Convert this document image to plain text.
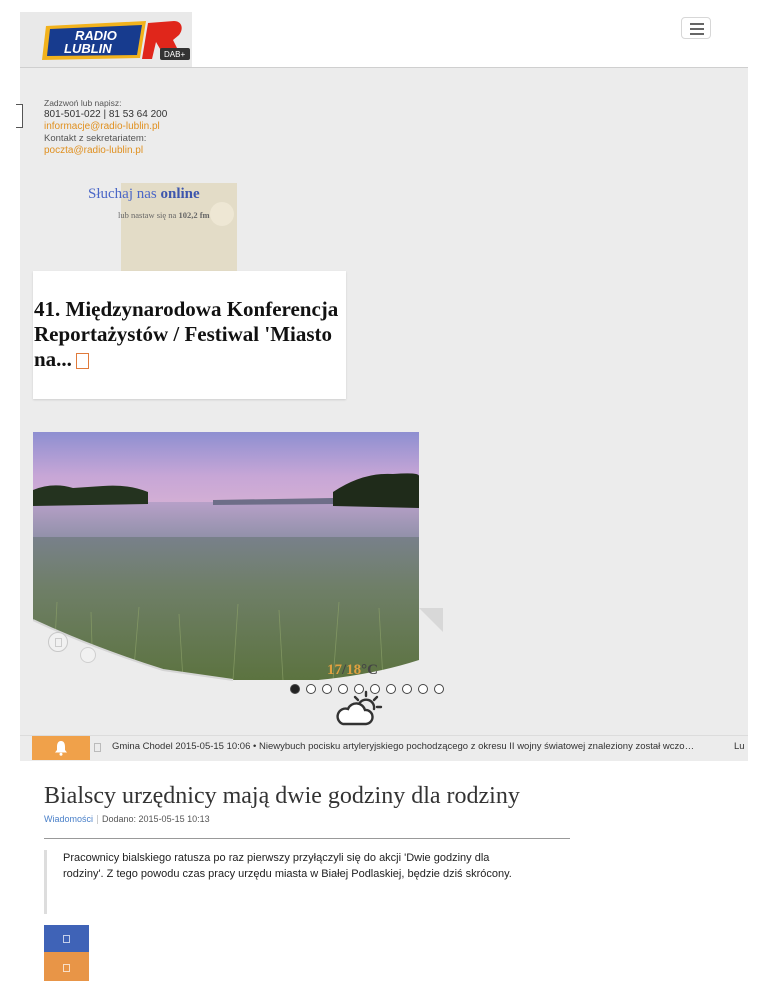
RADIO
LUBLIN	DAB+
Zadzwoń lub napisz:
801-501-022 | 81 53 64 200
informacje@radio-lublin.pl
Kontakt z sekretariatem:
poczta@radio-lublin.pl
Słuchaj nas online
lub nastaw się na 102,2 fm
41. Międzynarodowa Konferencja Reportażystów / Festiwal 'Miasto na...
17/18°C
Gmina Chodel 2015-05-15 10:06 • Niewybuch pocisku artyleryjskiego pochodzącego z okresu II wojny światowej znaleziony został wczo…	Lu
Bialscy urzędnicy mają dwie godziny dla rodziny
Wiadomości Dodano: 2015-05-15 10:13
Pracownicy bialskiego ratusza po raz pierwszy przyłączyli się do akcji 'Dwie godziny dla rodziny'. Z tego powodu czas pracy urzędu miasta w Białej Podlaskiej, będzie dziś skrócony.
